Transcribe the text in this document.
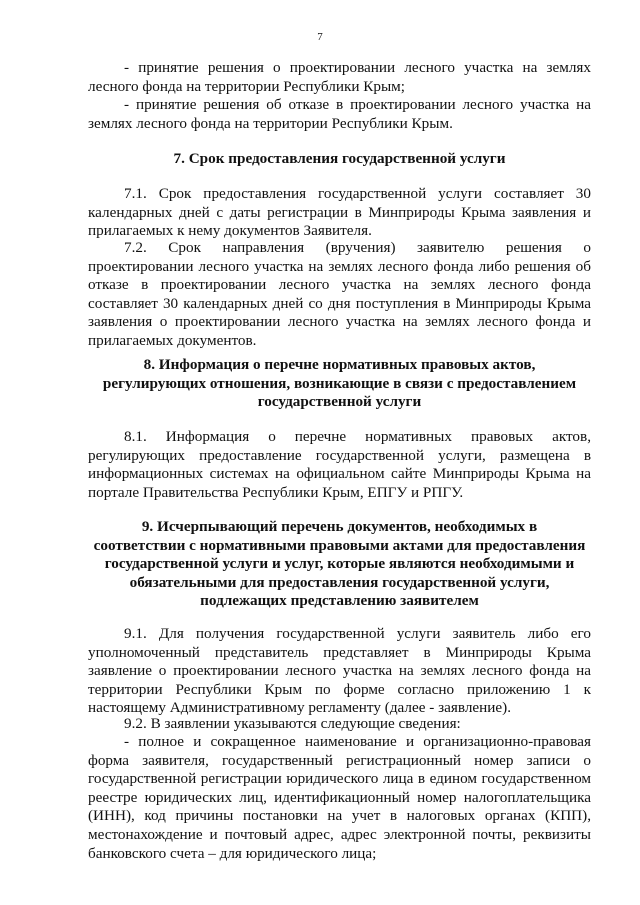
7

- принятие решения о проектировании лесного участка на землях лесного фонда на территории Республики Крым;

- принятие решения об отказе в проектировании лесного участка на землях лесного фонда на территории Республики Крым.

7. Срок предоставления государственной услуги

7.1. Срок предоставления государственной услуги составляет 30 календарных дней с даты регистрации в Минприроды Крыма заявления и прилагаемых к нему документов Заявителя.

7.2. Срок направления (вручения) заявителю решения о проектировании лесного участка на землях лесного фонда либо решения об отказе в проектировании лесного участка на землях лесного фонда составляет 30 календарных дней со дня поступления в Минприроды Крыма заявления о проектировании лесного участка на землях лесного фонда и прилагаемых документов.

8. Информация о перечне нормативных правовых актов,
регулирующих отношения, возникающие в связи с предоставлением
государственной услуги

8.1. Информация о перечне нормативных правовых актов, регулирующих предоставление государственной услуги, размещена в информационных системах на официальном сайте Минприроды Крыма на портале Правительства Республики Крым, ЕПГУ и РПГУ.

9. Исчерпывающий перечень документов, необходимых в
соответствии с нормативными правовыми актами для предоставления
государственной услуги и услуг, которые являются необходимыми и
обязательными для предоставления государственной услуги,
подлежащих представлению заявителем

9.1. Для получения государственной услуги заявитель либо его уполномоченный представитель представляет в Минприроды Крыма заявление о проектировании лесного участка на землях лесного фонда на территории Республики Крым по форме согласно приложению 1 к настоящему Административному регламенту (далее - заявление).

9.2. В заявлении указываются следующие сведения:

- полное и сокращенное наименование и организационно-правовая форма заявителя, государственный регистрационный номер записи о государственной регистрации юридического лица в едином государственном реестре юридических лиц, идентификационный номер налогоплательщика (ИНН), код причины постановки на учет в налоговых органах (КПП), местонахождение и почтовый адрес, адрес электронной почты, реквизиты банковского счета – для юридического лица;
